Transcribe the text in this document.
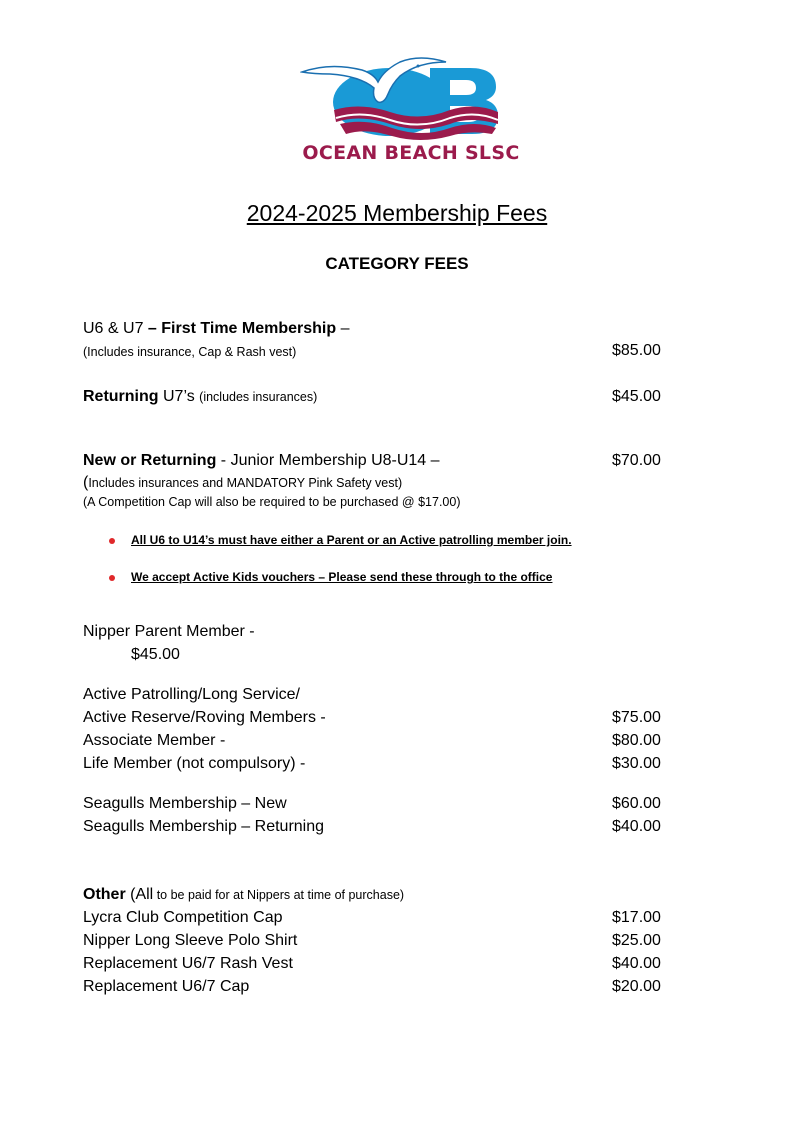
OCEAN BEACH SLSC
2024-2025 Membership Fees
CATEGORY FEES
U6 & U7 – First Time Membership –
(Includes insurance, Cap & Rash vest)	$85.00
Returning U7’s (includes insurances)	$45.00
New or Returning - Junior Membership U8-U14 –	$70.00
(Includes insurances and MANDATORY Pink Safety vest)
(A Competition Cap will also be required to be purchased @ $17.00)
All U6 to U14’s must have either a Parent or an Active patrolling member join.
We accept Active Kids vouchers – Please send these through to the office
Nipper Parent Member -
$45.00
Active Patrolling/Long Service/
Active Reserve/Roving Members -	$75.00
Associate Member -	$80.00
Life Member (not compulsory) -	$30.00
Seagulls Membership – New	$60.00
Seagulls Membership – Returning	$40.00
Other (All to be paid for at Nippers at time of purchase)
Lycra Club Competition Cap	$17.00
Nipper Long Sleeve Polo Shirt	$25.00
Replacement U6/7 Rash Vest	$40.00
Replacement U6/7 Cap	$20.00
